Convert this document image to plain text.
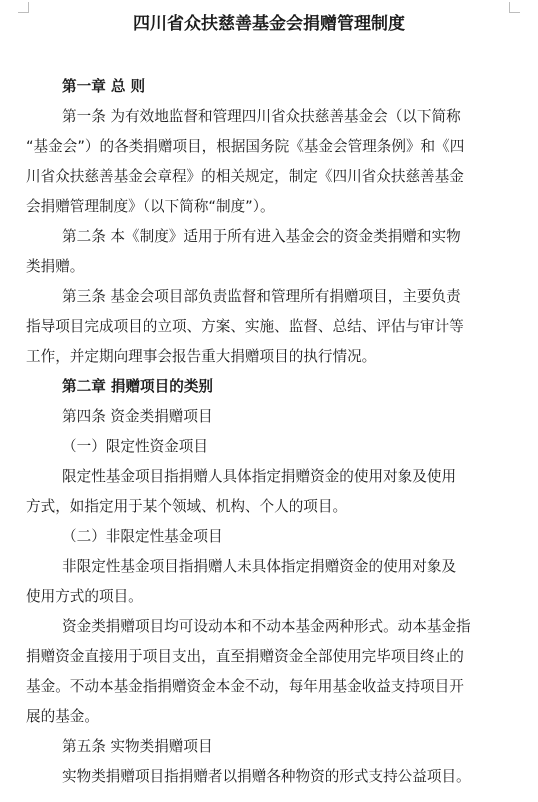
四川省众扶慈善基金会捐赠管理制度
第一章 总 则
第一条 为有效地监督和管理四川省众扶慈善基金会（以下简称
“基金会”）的各类捐赠项目，根据国务院《基金会管理条例》和《四
川省众扶慈善基金会章程》的相关规定，制定《四川省众扶慈善基金
会捐赠管理制度》（以下简称“制度”）。
第二条 本《制度》适用于所有进入基金会的资金类捐赠和实物
类捐赠。
第三条 基金会项目部负责监督和管理所有捐赠项目，主要负责
指导项目完成项目的立项、方案、实施、监督、总结、评估与审计等
工作，并定期向理事会报告重大捐赠项目的执行情况。
第二章 捐赠项目的类别
第四条 资金类捐赠项目
（一）限定性资金项目
限定性基金项目指捐赠人具体指定捐赠资金的使用对象及使用
方式，如指定用于某个领域、机构、个人的项目。
（二）非限定性基金项目
非限定性基金项目指捐赠人未具体指定捐赠资金的使用对象及
使用方式的项目。
资金类捐赠项目均可设动本和不动本基金两种形式。动本基金指
捐赠资金直接用于项目支出，直至捐赠资金全部使用完毕项目终止的
基金。不动本基金指捐赠资金本金不动，每年用基金收益支持项目开
展的基金。
第五条 实物类捐赠项目
实物类捐赠项目指捐赠者以捐赠各种物资的形式支持公益项目。
